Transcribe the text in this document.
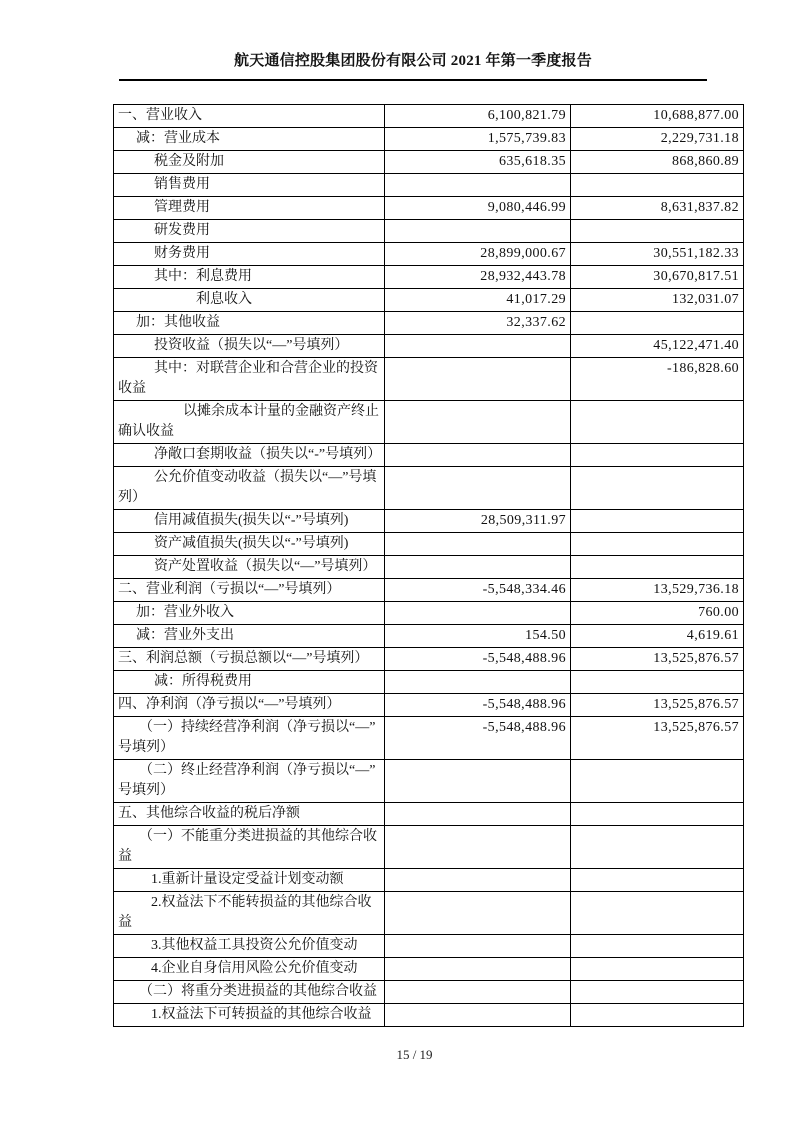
航天通信控股集团股份有限公司 2021 年第一季度报告
一、营业收入	6,100,821.79	10,688,877.00
减：营业成本	1,575,739.83	2,229,731.18
税金及附加	635,618.35	868,860.89
销售费用		
管理费用	9,080,446.99	8,631,837.82
研发费用		
财务费用	28,899,000.67	30,551,182.33
其中：利息费用	28,932,443.78	30,670,817.51
利息收入	41,017.29	132,031.07
加：其他收益	32,337.62	
投资收益（损失以“—”号填列）		45,122,471.40
其中：对联营企业和合营企业的投资收益		-186,828.60
以摊余成本计量的金融资产终止确认收益		
净敞口套期收益（损失以“-”号填列）		
公允价值变动收益（损失以“—”号填列）		
信用减值损失(损失以“-”号填列)	28,509,311.97	
资产减值损失(损失以“-”号填列)		
资产处置收益（损失以“—”号填列）		
二、营业利润（亏损以“—”号填列）	-5,548,334.46	13,529,736.18
加：营业外收入		760.00
减：营业外支出	154.50	4,619.61
三、利润总额（亏损总额以“—”号填列）	-5,548,488.96	13,525,876.57
减：所得税费用		
四、净利润（净亏损以“—”号填列）	-5,548,488.96	13,525,876.57
（一）持续经营净利润（净亏损以“—”号填列）	-5,548,488.96	13,525,876.57
（二）终止经营净利润（净亏损以“—”号填列）		
五、其他综合收益的税后净额		
（一）不能重分类进损益的其他综合收益		
1.重新计量设定受益计划变动额		
2.权益法下不能转损益的其他综合收益		
3.其他权益工具投资公允价值变动		
4.企业自身信用风险公允价值变动		
（二）将重分类进损益的其他综合收益		
1.权益法下可转损益的其他综合收益		
15 / 19
